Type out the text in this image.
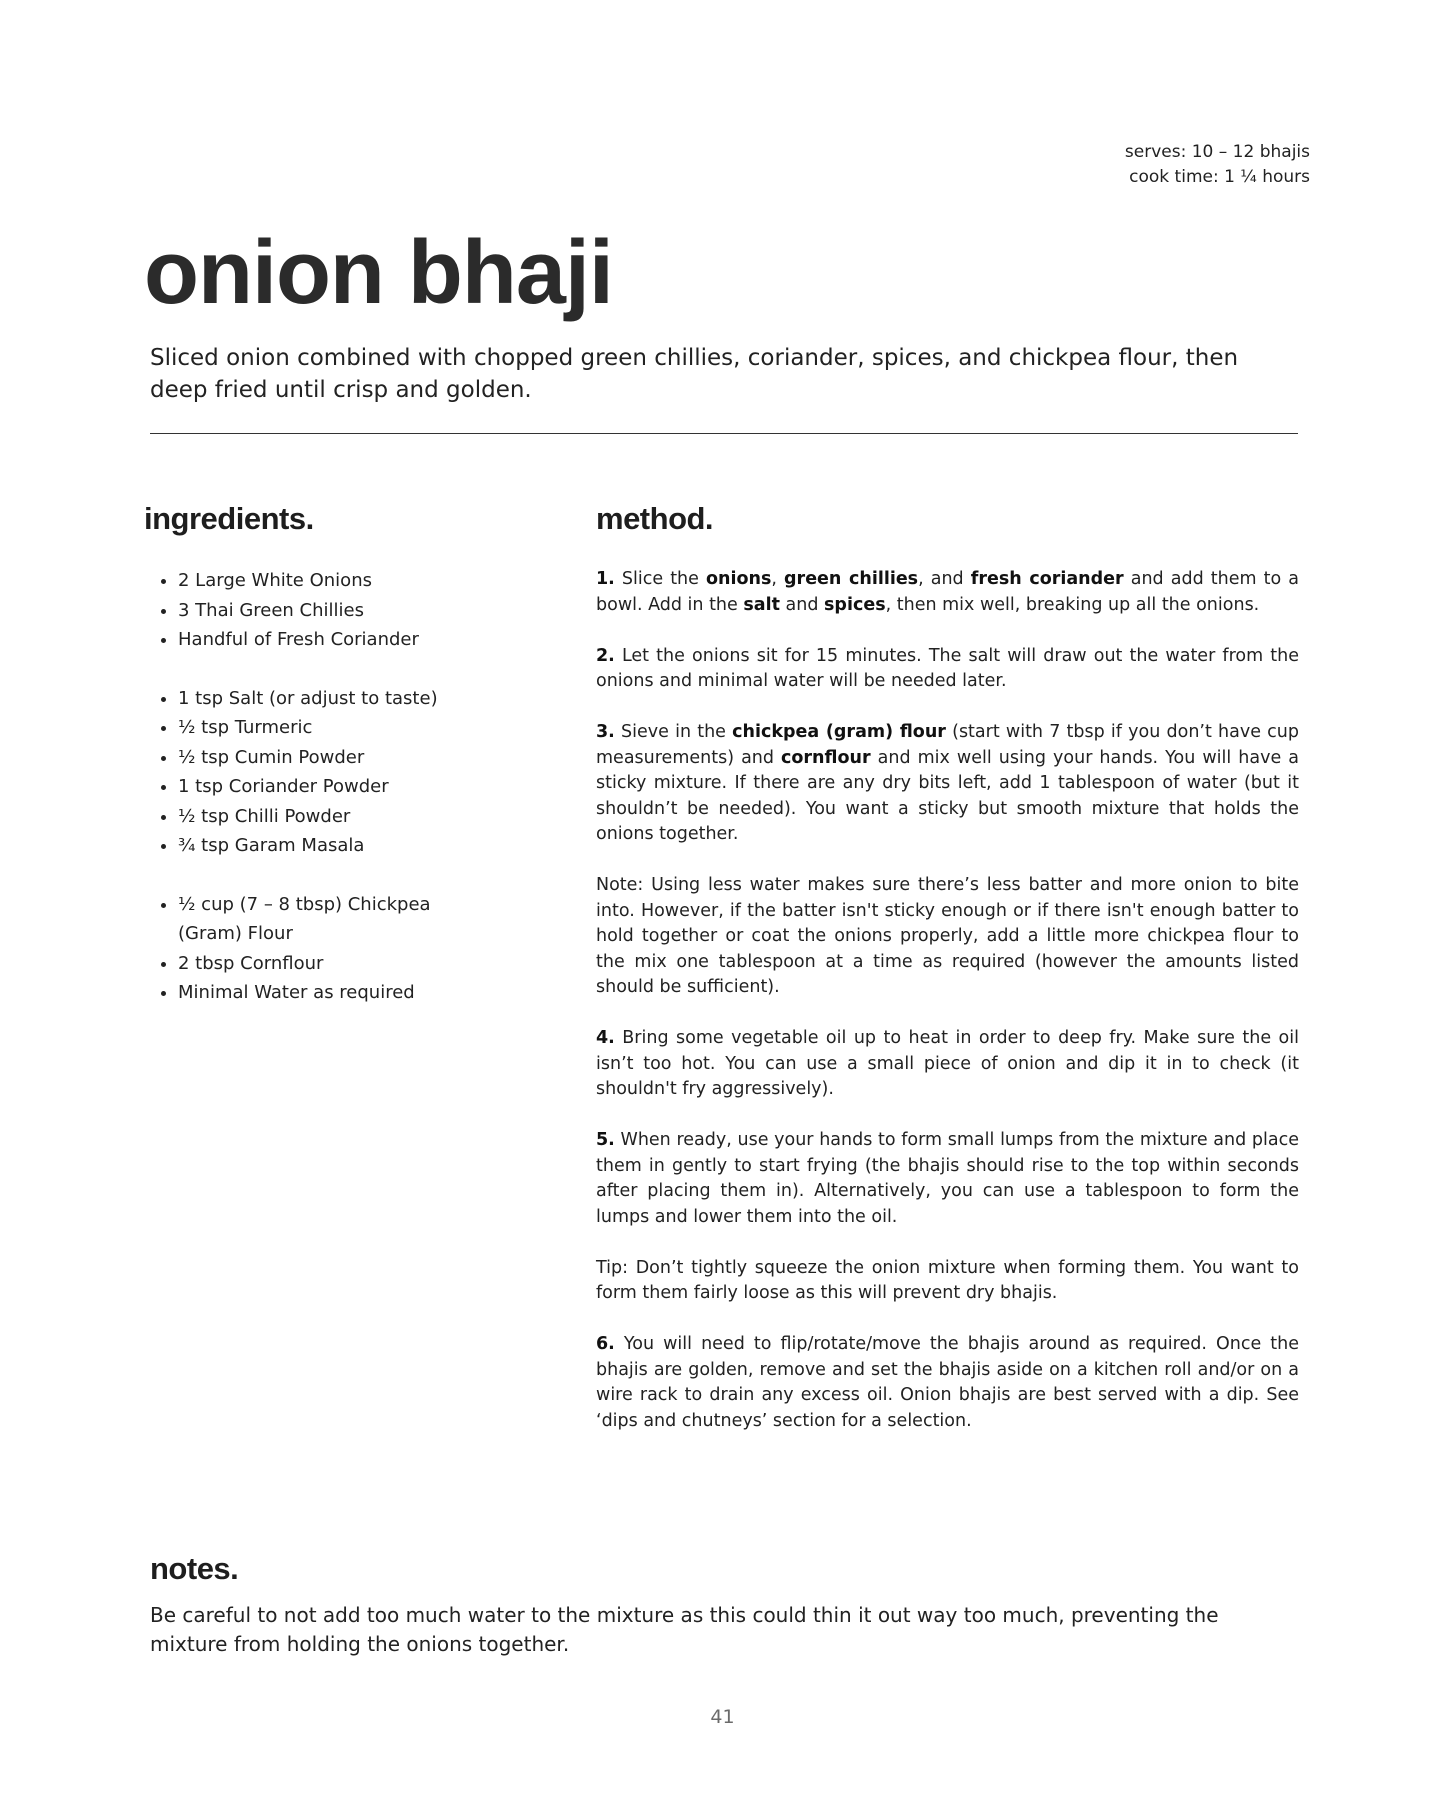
serves: 10 – 12 bhajis
cook time: 1 ¼ hours
onion bhaji

Sliced onion combined with chopped green chillies, coriander, spices, and chickpea flour, then deep fried until crisp and golden.

ingredients.	method.
• 2 Large White Onions
• 3 Thai Green Chillies
• Handful of Fresh Coriander
• 1 tsp Salt (or adjust to taste)
• ½ tsp Turmeric
• ½ tsp Cumin Powder
• 1 tsp Coriander Powder
• ½ tsp Chilli Powder
• ¾ tsp Garam Masala
• ½ cup (7 – 8 tbsp) Chickpea (Gram) Flour
• 2 tbsp Cornflour
• Minimal Water as required

1. Slice the onions, green chillies, and fresh coriander and add them to a bowl. Add in the salt and spices, then mix well, breaking up all the onions.

2. Let the onions sit for 15 minutes. The salt will draw out the water from the onions and minimal water will be needed later.

3. Sieve in the chickpea (gram) flour (start with 7 tbsp if you don’t have cup measurements) and cornflour and mix well using your hands. You will have a sticky mixture. If there are any dry bits left, add 1 tablespoon of water (but it shouldn’t be needed). You want a sticky but smooth mixture that holds the onions together.

Note: Using less water makes sure there’s less batter and more onion to bite into. However, if the batter isn't sticky enough or if there isn't enough batter to hold together or coat the onions properly, add a little more chickpea flour to the mix one tablespoon at a time as required (however the amounts listed should be sufficient).

4. Bring some vegetable oil up to heat in order to deep fry. Make sure the oil isn’t too hot. You can use a small piece of onion and dip it in to check (it shouldn't fry aggressively).

5. When ready, use your hands to form small lumps from the mixture and place them in gently to start frying (the bhajis should rise to the top within seconds after placing them in). Alternatively, you can use a tablespoon to form the lumps and lower them into the oil.

Tip: Don’t tightly squeeze the onion mixture when forming them. You want to form them fairly loose as this will prevent dry bhajis.

6. You will need to flip/rotate/move the bhajis around as required. Once the bhajis are golden, remove and set the bhajis aside on a kitchen roll and/or on a wire rack to drain any excess oil. Onion bhajis are best served with a dip. See ‘dips and chutneys’ section for a selection.

notes.

Be careful to not add too much water to the mixture as this could thin it out way too much, preventing the mixture from holding the onions together.

41
